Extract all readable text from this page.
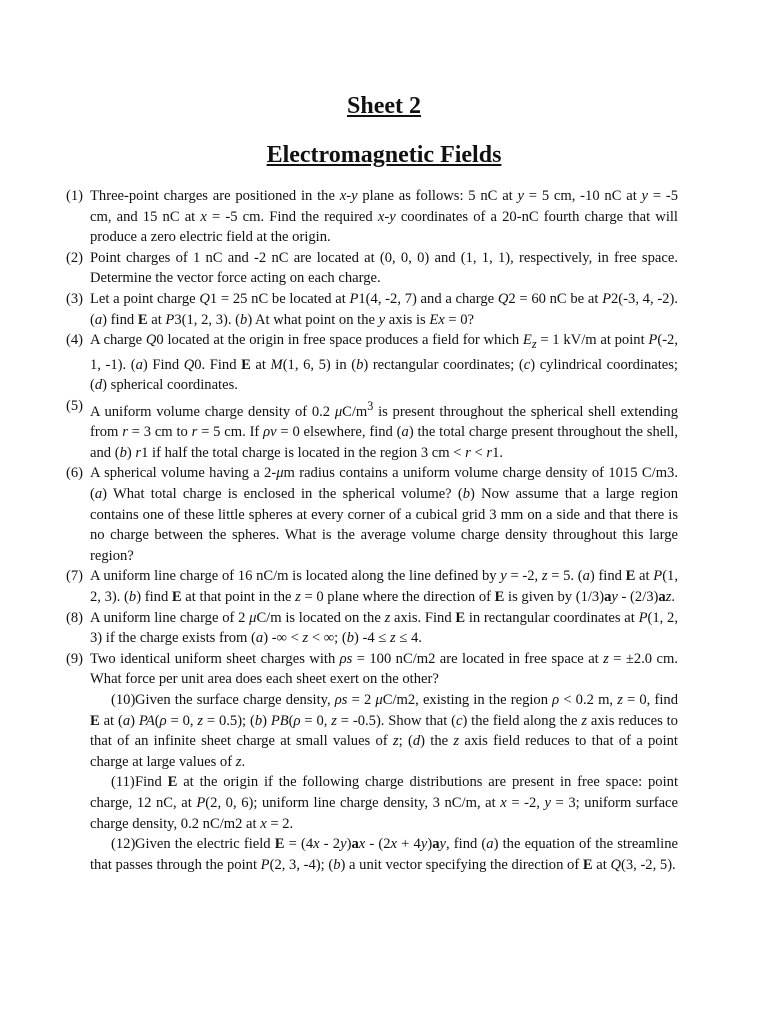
Sheet 2
Electromagnetic Fields
(1) Three-point charges are positioned in the x-y plane as follows: 5 nC at y = 5 cm, -10 nC at y = -5 cm, and 15 nC at x = -5 cm. Find the required x-y coordinates of a 20-nC fourth charge that will produce a zero electric field at the origin.
(2) Point charges of 1 nC and -2 nC are located at (0, 0, 0) and (1, 1, 1), respectively, in free space. Determine the vector force acting on each charge.
(3) Let a point charge Q1 = 25 nC be located at P1(4, -2, 7) and a charge Q2 = 60 nC be at P2(-3, 4, -2). (a) find E at P3(1, 2, 3). (b) At what point on the y axis is Ex = 0?
(4) A charge Q0 located at the origin in free space produces a field for which $E_z = 1$ kV/m at point P(-2, 1, -1). (a) Find Q0. Find E at M(1, 6, 5) in (b) rectangular coordinates; (c) cylindrical coordinates; (d) spherical coordinates.
(5) A uniform volume charge density of 0.2 $\mu C/m^3$ is present throughout the spherical shell extending from r = 3 cm to r = 5 cm. If ρv = 0 elsewhere, find (a) the total charge present throughout the shell, and (b) r1 if half the total charge is located in the region 3 cm < r < r1.
(6) A spherical volume having a 2-μm radius contains a uniform volume charge density of 1015 C/m3. (a) What total charge is enclosed in the spherical volume? (b) Now assume that a large region contains one of these little spheres at every corner of a cubical grid 3 mm on a side and that there is no charge between the spheres. What is the average volume charge density throughout this large region?
(7) A uniform line charge of 16 nC/m is located along the line defined by y = -2, z = 5. (a) find E at P(1, 2, 3). (b) find E at that point in the z = 0 plane where the direction of E is given by (1/3)ay - (2/3)az.
(8) A uniform line charge of 2 μC/m is located on the z axis. Find E in rectangular coordinates at P(1, 2, 3) if the charge exists from (a) -∞ < z < ∞; (b) -4 ≤ z ≤ 4.
(9) Two identical uniform sheet charges with ρs = 100 nC/m2 are located in free space at z = ±2.0 cm. What force per unit area does each sheet exert on the other?
(10) Given the surface charge density, ρs = 2 μC/m2, existing in the region ρ < 0.2 m, z = 0, find E at (a) PA(ρ = 0, z = 0.5); (b) PB(ρ = 0, z = -0.5). Show that (c) the field along the z axis reduces to that of an infinite sheet charge at small values of z; (d) the z axis field reduces to that of a point charge at large values of z.
(11) Find E at the origin if the following charge distributions are present in free space: point charge, 12 nC, at P(2, 0, 6); uniform line charge density, 3 nC/m, at x = -2, y = 3; uniform surface charge density, 0.2 nC/m2 at x = 2.
(12) Given the electric field E = (4x - 2y)ax - (2x + 4y)ay, find (a) the equation of the streamline that passes through the point P(2, 3, -4); (b) a unit vector specifying the direction of E at Q(3, -2, 5).
